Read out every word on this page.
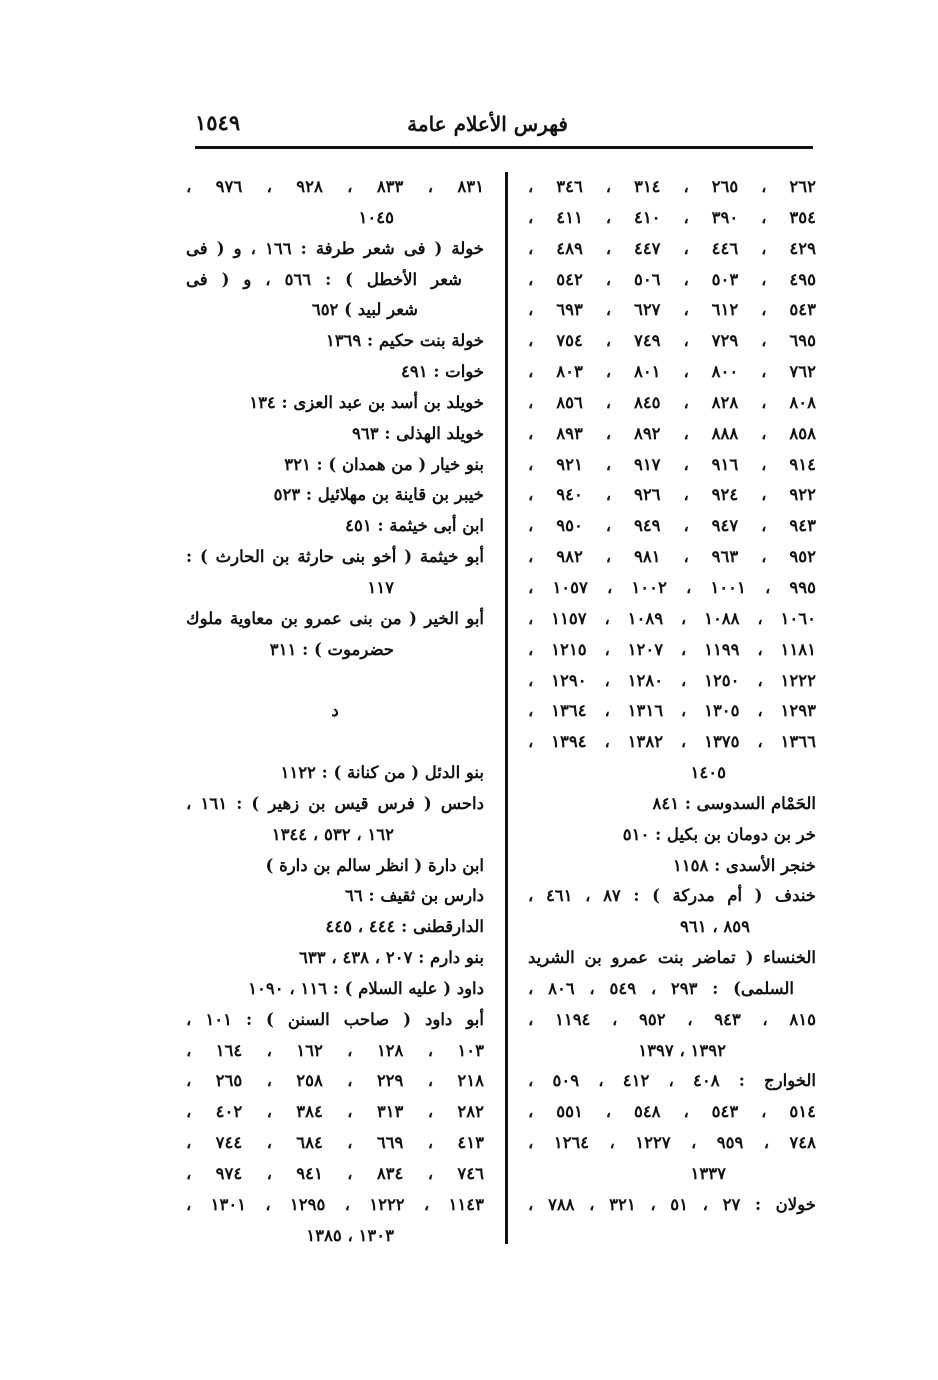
فهرس الأعلام عامة
١٥٤٩
٢٦٢ ، ٢٦٥ ، ٣١٤ ، ٣٤٦ ،
٣٥٤ ، ٣٩٠ ، ٤١٠ ، ٤١١ ،
٤٢٩ ، ٤٤٦ ، ٤٤٧ ، ٤٨٩ ،
٤٩٥ ، ٥٠٣ ، ٥٠٦ ، ٥٤٢ ،
٥٤٣ ، ٦١٢ ، ٦٢٧ ، ٦٩٣ ،
٦٩٥ ، ٧٢٩ ، ٧٤٩ ، ٧٥٤ ،
٧٦٢ ، ٨٠٠ ، ٨٠١ ، ٨٠٣ ،
٨٠٨ ، ٨٢٨ ، ٨٤٥ ، ٨٥٦ ،
٨٥٨ ، ٨٨٨ ، ٨٩٢ ، ٨٩٣ ،
٩١٤ ، ٩١٦ ، ٩١٧ ، ٩٢١ ،
٩٢٢ ، ٩٢٤ ، ٩٢٦ ، ٩٤٠ ،
٩٤٣ ، ٩٤٧ ، ٩٤٩ ، ٩٥٠ ،
٩٥٢ ، ٩٦٣ ، ٩٨١ ، ٩٨٢ ،
٩٩٥ ، ١٠٠١ ، ١٠٠٢ ، ١٠٥٧ ،
١٠٦٠ ، ١٠٨٨ ، ١٠٨٩ ، ١١٥٧ ،
١١٨١ ، ١١٩٩ ، ١٢٠٧ ، ١٢١٥ ،
١٢٢٢ ، ١٢٥٠ ، ١٢٨٠ ، ١٢٩٠ ،
١٢٩٣ ، ١٣٠٥ ، ١٣١٦ ، ١٣٦٤ ،
١٣٦٦ ، ١٣٧٥ ، ١٣٨٢ ، ١٣٩٤ ،
١٤٠٥
الحَمْام السدوسى : ٨٤١
خر بن دومان بن بكيل : ٥١٠
خنجر الأسدى : ١١٥٨
خندف ( أم مدركة ) : ٨٧ ، ٤٦١ ،
٨٥٩ ، ٩٦١
الخنساء ( تماضر بنت عمرو بن الشريد
السلمى) : ٢٩٣ ، ٥٤٩ ، ٨٠٦ ،
٨١٥ ، ٩٤٣ ، ٩٥٢ ، ١١٩٤ ،
١٣٩٢ ، ١٣٩٧
الخوارج : ٤٠٨ ، ٤١٢ ، ٥٠٩ ،
٥١٤ ، ٥٤٣ ، ٥٤٨ ، ٥٥١ ،
٧٤٨ ، ٩٥٩ ، ١٢٢٧ ، ١٢٦٤ ،
١٣٣٧
خولان : ٢٧ ، ٥١ ، ٣٢١ ، ٧٨٨ ،
٨٣١ ، ٨٣٣ ، ٩٢٨ ، ٩٧٦ ،
١٠٤٥
خولة ( فى شعر طرفة : ١٦٦ ، و ( فى
شعر الأخطل ) : ٥٦٦ ، و ( فى
شعر لبيد ) ٦٥٢
خولة بنت حكيم : ١٣٦٩
خوات : ٤٩١
خويلد بن أسد بن عبد العزى : ١٣٤
خويلد الهذلى : ٩٦٣
بنو خيار ( من همدان ) : ٣٢١
خيبر بن قاينة بن مهلائيل : ٥٢٣
ابن أبى خيثمة : ٤٥١
أبو خيثمة ( أخو بنى حارثة بن الحارث ) :
١١٧
أبو الخير ( من بنى عمرو بن معاوية ملوك
حضرموت ) : ٣١١
د
بنو الدئل ( من كنانة ) : ١١٢٢
داحس ( فرس قيس بن زهير ) : ١٦١ ،
١٦٢ ، ٥٣٢ ، ١٣٤٤
ابن دارة ( انظر سالم بن دارة )
دارس بن ثقيف : ٦٦
الدارقطنى : ٤٤٤ ، ٤٤٥
بنو دارم : ٢٠٧ ، ٤٣٨ ، ٦٣٣
داود ( عليه السلام ) : ١١٦ ، ١٠٩٠
أبو داود ( صاحب السنن ) : ١٠١ ،
١٠٣ ، ١٢٨ ، ١٦٢ ، ١٦٤ ،
٢١٨ ، ٢٢٩ ، ٢٥٨ ، ٢٦٥ ،
٢٨٢ ، ٣١٣ ، ٣٨٤ ، ٤٠٢ ،
٤١٣ ، ٦٦٩ ، ٦٨٤ ، ٧٤٤ ،
٧٤٦ ، ٨٣٤ ، ٩٤١ ، ٩٧٤ ،
١١٤٣ ، ١٢٢٢ ، ١٢٩٥ ، ١٣٠١ ،
١٣٠٣ ، ١٣٨٥
